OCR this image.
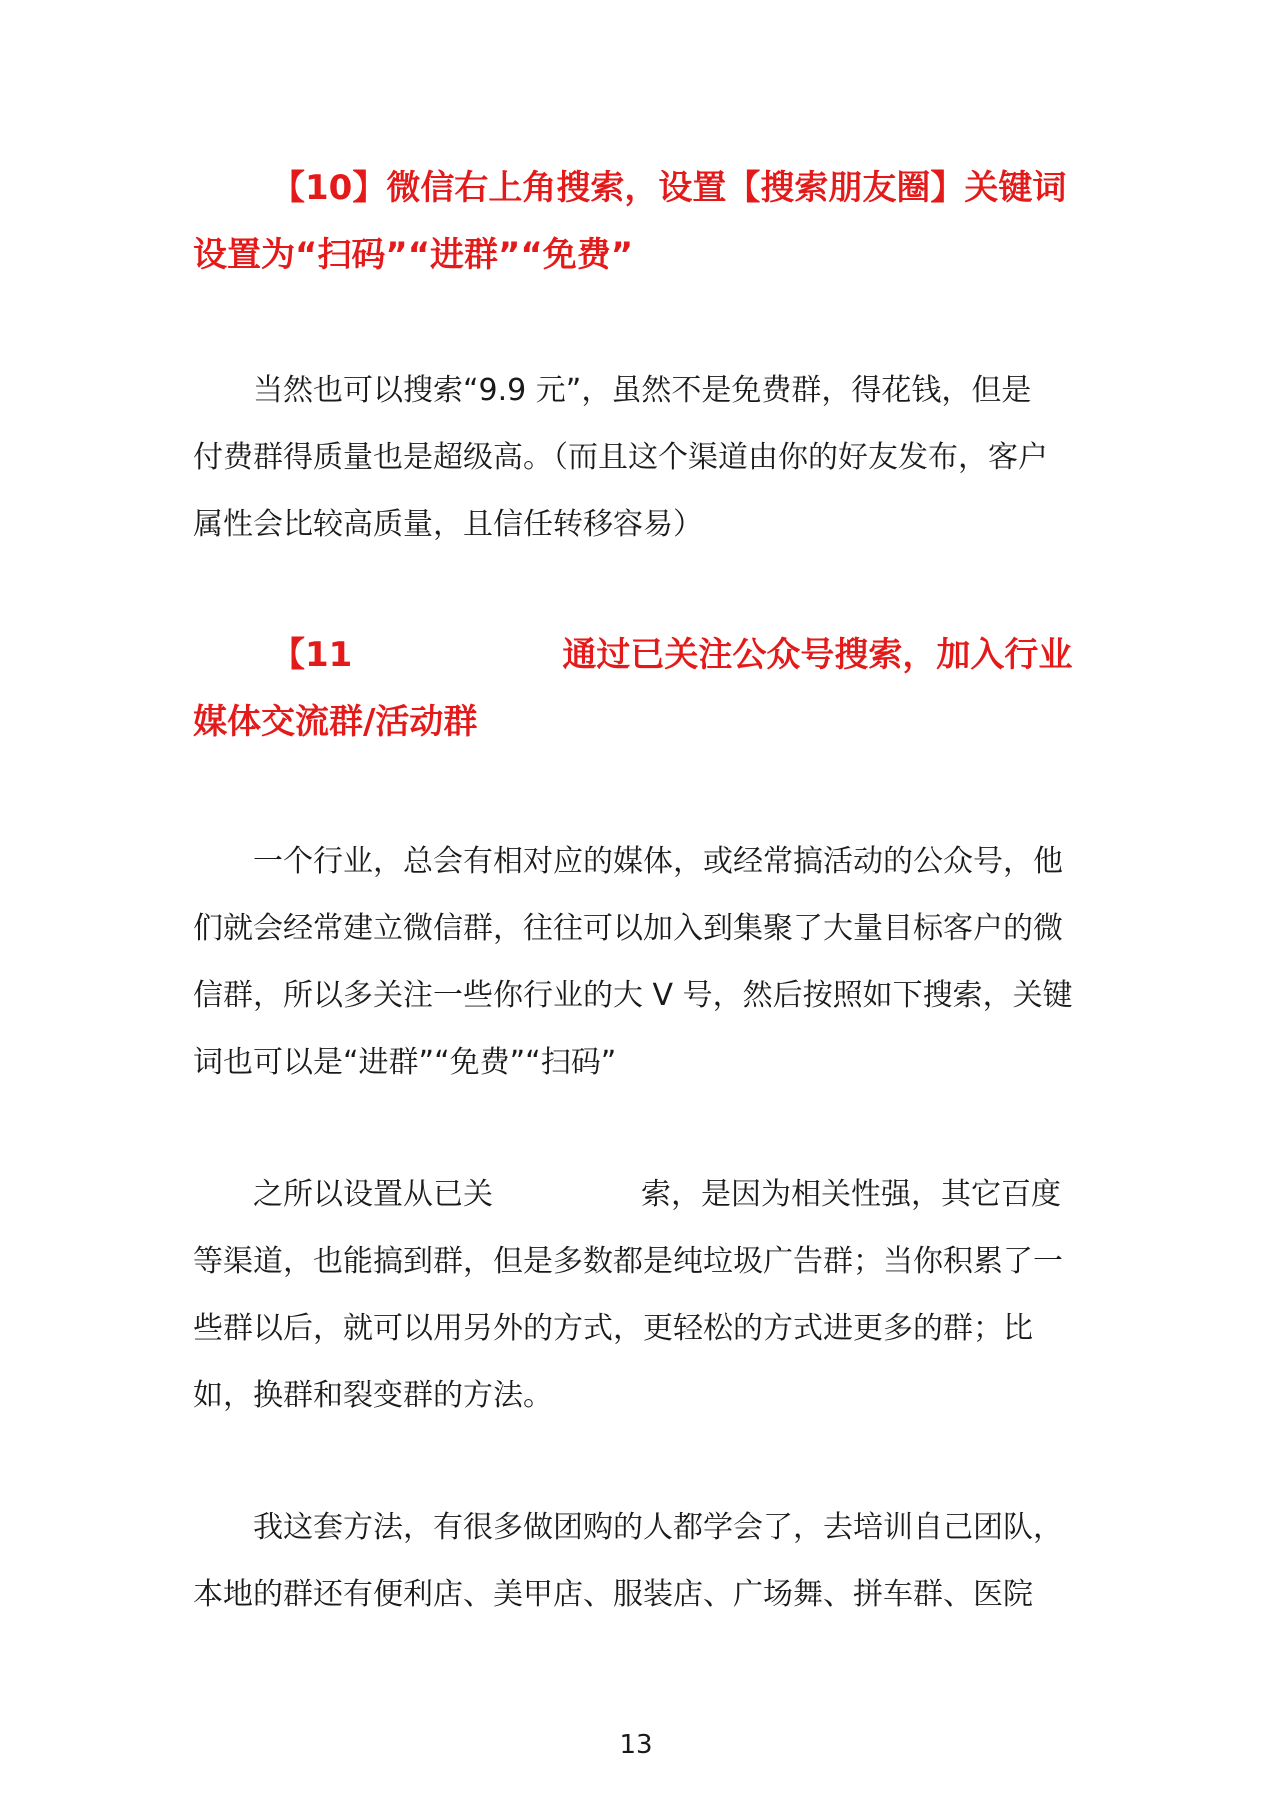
【10】微信右上角搜索，设置【搜索朋友圈】关键词
设置为“扫码”“进群”“免费”

当然也可以搜索“9.9 元”，虽然不是免费群，得花钱，但是
付费群得质量也是超级高。（而且这个渠道由你的好友发布，客户
属性会比较高质量，且信任转移容易）

【11	通过已关注公众号搜索，加入行业
媒体交流群/活动群

一个行业，总会有相对应的媒体，或经常搞活动的公众号，他
们就会经常建立微信群，往往可以加入到集聚了大量目标客户的微
信群，所以多关注一些你行业的大 V 号，然后按照如下搜索，关键
词也可以是“进群”“免费”“扫码”

之所以设置从已关	索，是因为相关性强，其它百度
等渠道，也能搞到群，但是多数都是纯垃圾广告群；当你积累了一
些群以后，就可以用另外的方式，更轻松的方式进更多的群；比
如，换群和裂变群的方法。

我这套方法，有很多做团购的人都学会了，去培训自己团队，
本地的群还有便利店、美甲店、服装店、广场舞、拼车群、医院

13
